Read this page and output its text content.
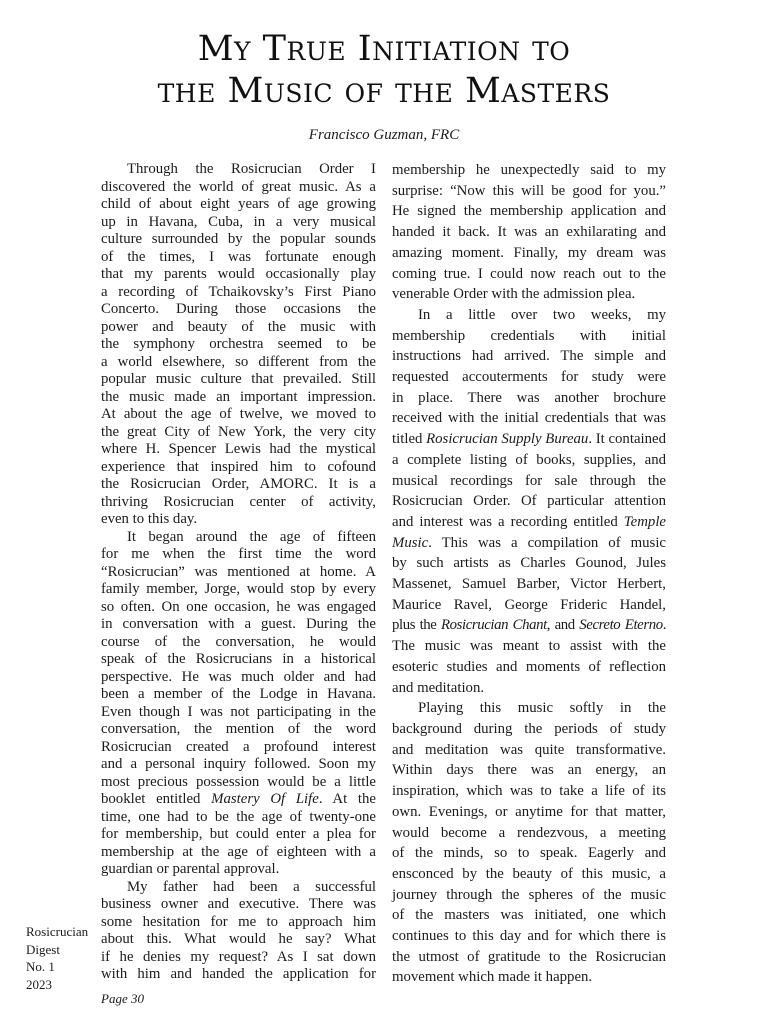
My True Initiation to
the Music of the Masters
Francisco Guzman, FRC
Through the Rosicrucian Order I
discovered the world of great music. As a
child of about eight years of age growing
up in Havana, Cuba, in a very musical
culture surrounded by the popular sounds
of the times, I was fortunate enough
that my parents would occasionally play
a recording of Tchaikovsky’s First Piano
Concerto. During those occasions the
power and beauty of the music with
the symphony orchestra seemed to be
a world elsewhere, so different from the
popular music culture that prevailed. Still
the music made an important impression.
At about the age of twelve, we moved to
the great City of New York, the very city
where H. Spencer Lewis had the mystical
experience that inspired him to cofound
the Rosicrucian Order, AMORC. It is a
thriving Rosicrucian center of activity,
even to this day.
It began around the age of fifteen
for me when the first time the word
“Rosicrucian” was mentioned at home. A
family member, Jorge, would stop by every
so often. On one occasion, he was engaged
in conversation with a guest. During the
course of the conversation, he would
speak of the Rosicrucians in a historical
perspective. He was much older and had
been a member of the Lodge in Havana.
Even though I was not participating in the
conversation, the mention of the word
Rosicrucian created a profound interest
and a personal inquiry followed. Soon my
most precious possession would be a little
booklet entitled Mastery Of Life. At the
time, one had to be the age of twenty-one
for membership, but could enter a plea for
membership at the age of eighteen with a
guardian or parental approval.
My father had been a successful
business owner and executive. There was
some hesitation for me to approach him
about this. What would he say? What
if he denies my request? As I sat down
with him and handed the application for
membership he unexpectedly said to my
surprise: “Now this will be good for you.”
He signed the membership application and
handed it back. It was an exhilarating and
amazing moment. Finally, my dream was
coming true. I could now reach out to the
venerable Order with the admission plea.
In a little over two weeks, my
membership credentials with initial
instructions had arrived. The simple and
requested accouterments for study were
in place. There was another brochure
received with the initial credentials that was
titled Rosicrucian Supply Bureau. It contained
a complete listing of books, supplies, and
musical recordings for sale through the
Rosicrucian Order. Of particular attention
and interest was a recording entitled Temple
Music. This was a compilation of music
by such artists as Charles Gounod, Jules
Massenet, Samuel Barber, Victor Herbert,
Maurice Ravel, George Frideric Handel,
plus the Rosicrucian Chant, and Secreto Eterno.
The music was meant to assist with the
esoteric studies and moments of reflection
and meditation.
Playing this music softly in the
background during the periods of study
and meditation was quite transformative.
Within days there was an energy, an
inspiration, which was to take a life of its
own. Evenings, or anytime for that matter,
would become a rendezvous, a meeting
of the minds, so to speak. Eagerly and
ensconced by the beauty of this music, a
journey through the spheres of the music
of the masters was initiated, one which
continues to this day and for which there is
the utmost of gratitude to the Rosicrucian
movement which made it happen.
Rosicrucian
Digest
No. 1
2023
Page 30
